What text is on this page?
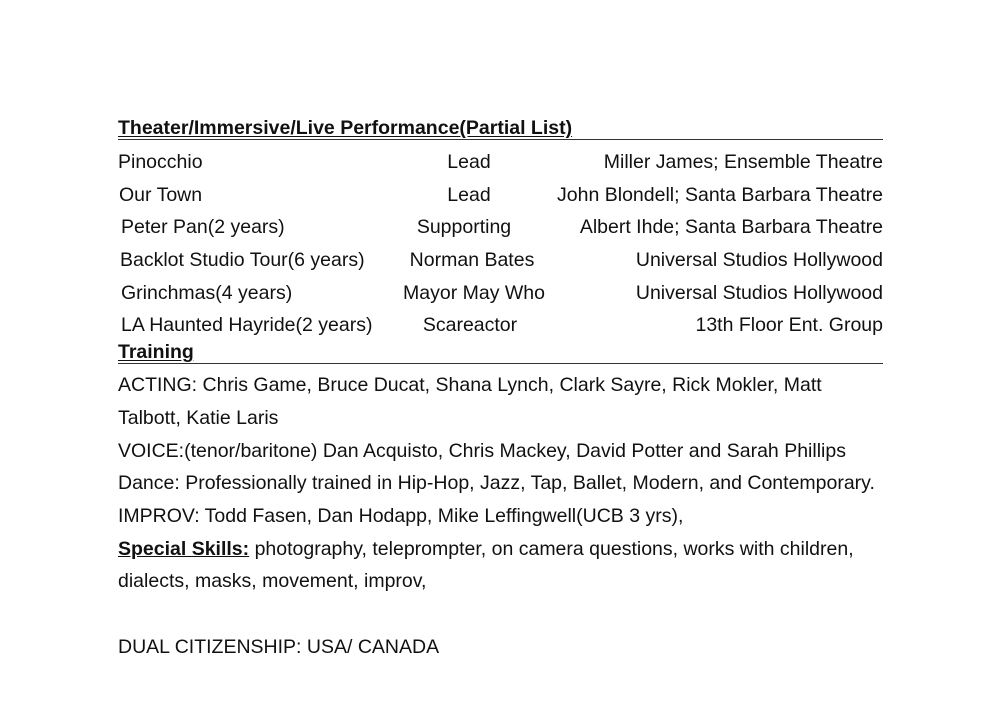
Theater/Immersive/Live Performance(Partial List)
Pinocchio	Lead	Miller James; Ensemble Theatre
Our Town	Lead	John Blondell; Santa Barbara Theatre
Peter Pan(2 years)	Supporting	Albert Ihde; Santa Barbara Theatre
Backlot Studio Tour(6 years) Norman Bates	Universal Studios Hollywood
Grinchmas(4 years)	Mayor May Who	Universal Studios Hollywood
LA Haunted Hayride(2 years)	Scareactor	13th Floor Ent. Group
Training
ACTING: Chris Game, Bruce Ducat, Shana Lynch, Clark Sayre, Rick Mokler, Matt
Talbott, Katie Laris
VOICE:(tenor/baritone) Dan Acquisto, Chris Mackey, David Potter and Sarah Phillips
Dance: Professionally trained in Hip-Hop, Jazz, Tap, Ballet, Modern, and Contemporary.
IMPROV: Todd Fasen, Dan Hodapp, Mike Leffingwell(UCB 3 yrs),
Special Skills: photography, teleprompter, on camera questions, works with children,
dialects, masks, movement, improv,
DUAL CITIZENSHIP: USA/ CANADA
